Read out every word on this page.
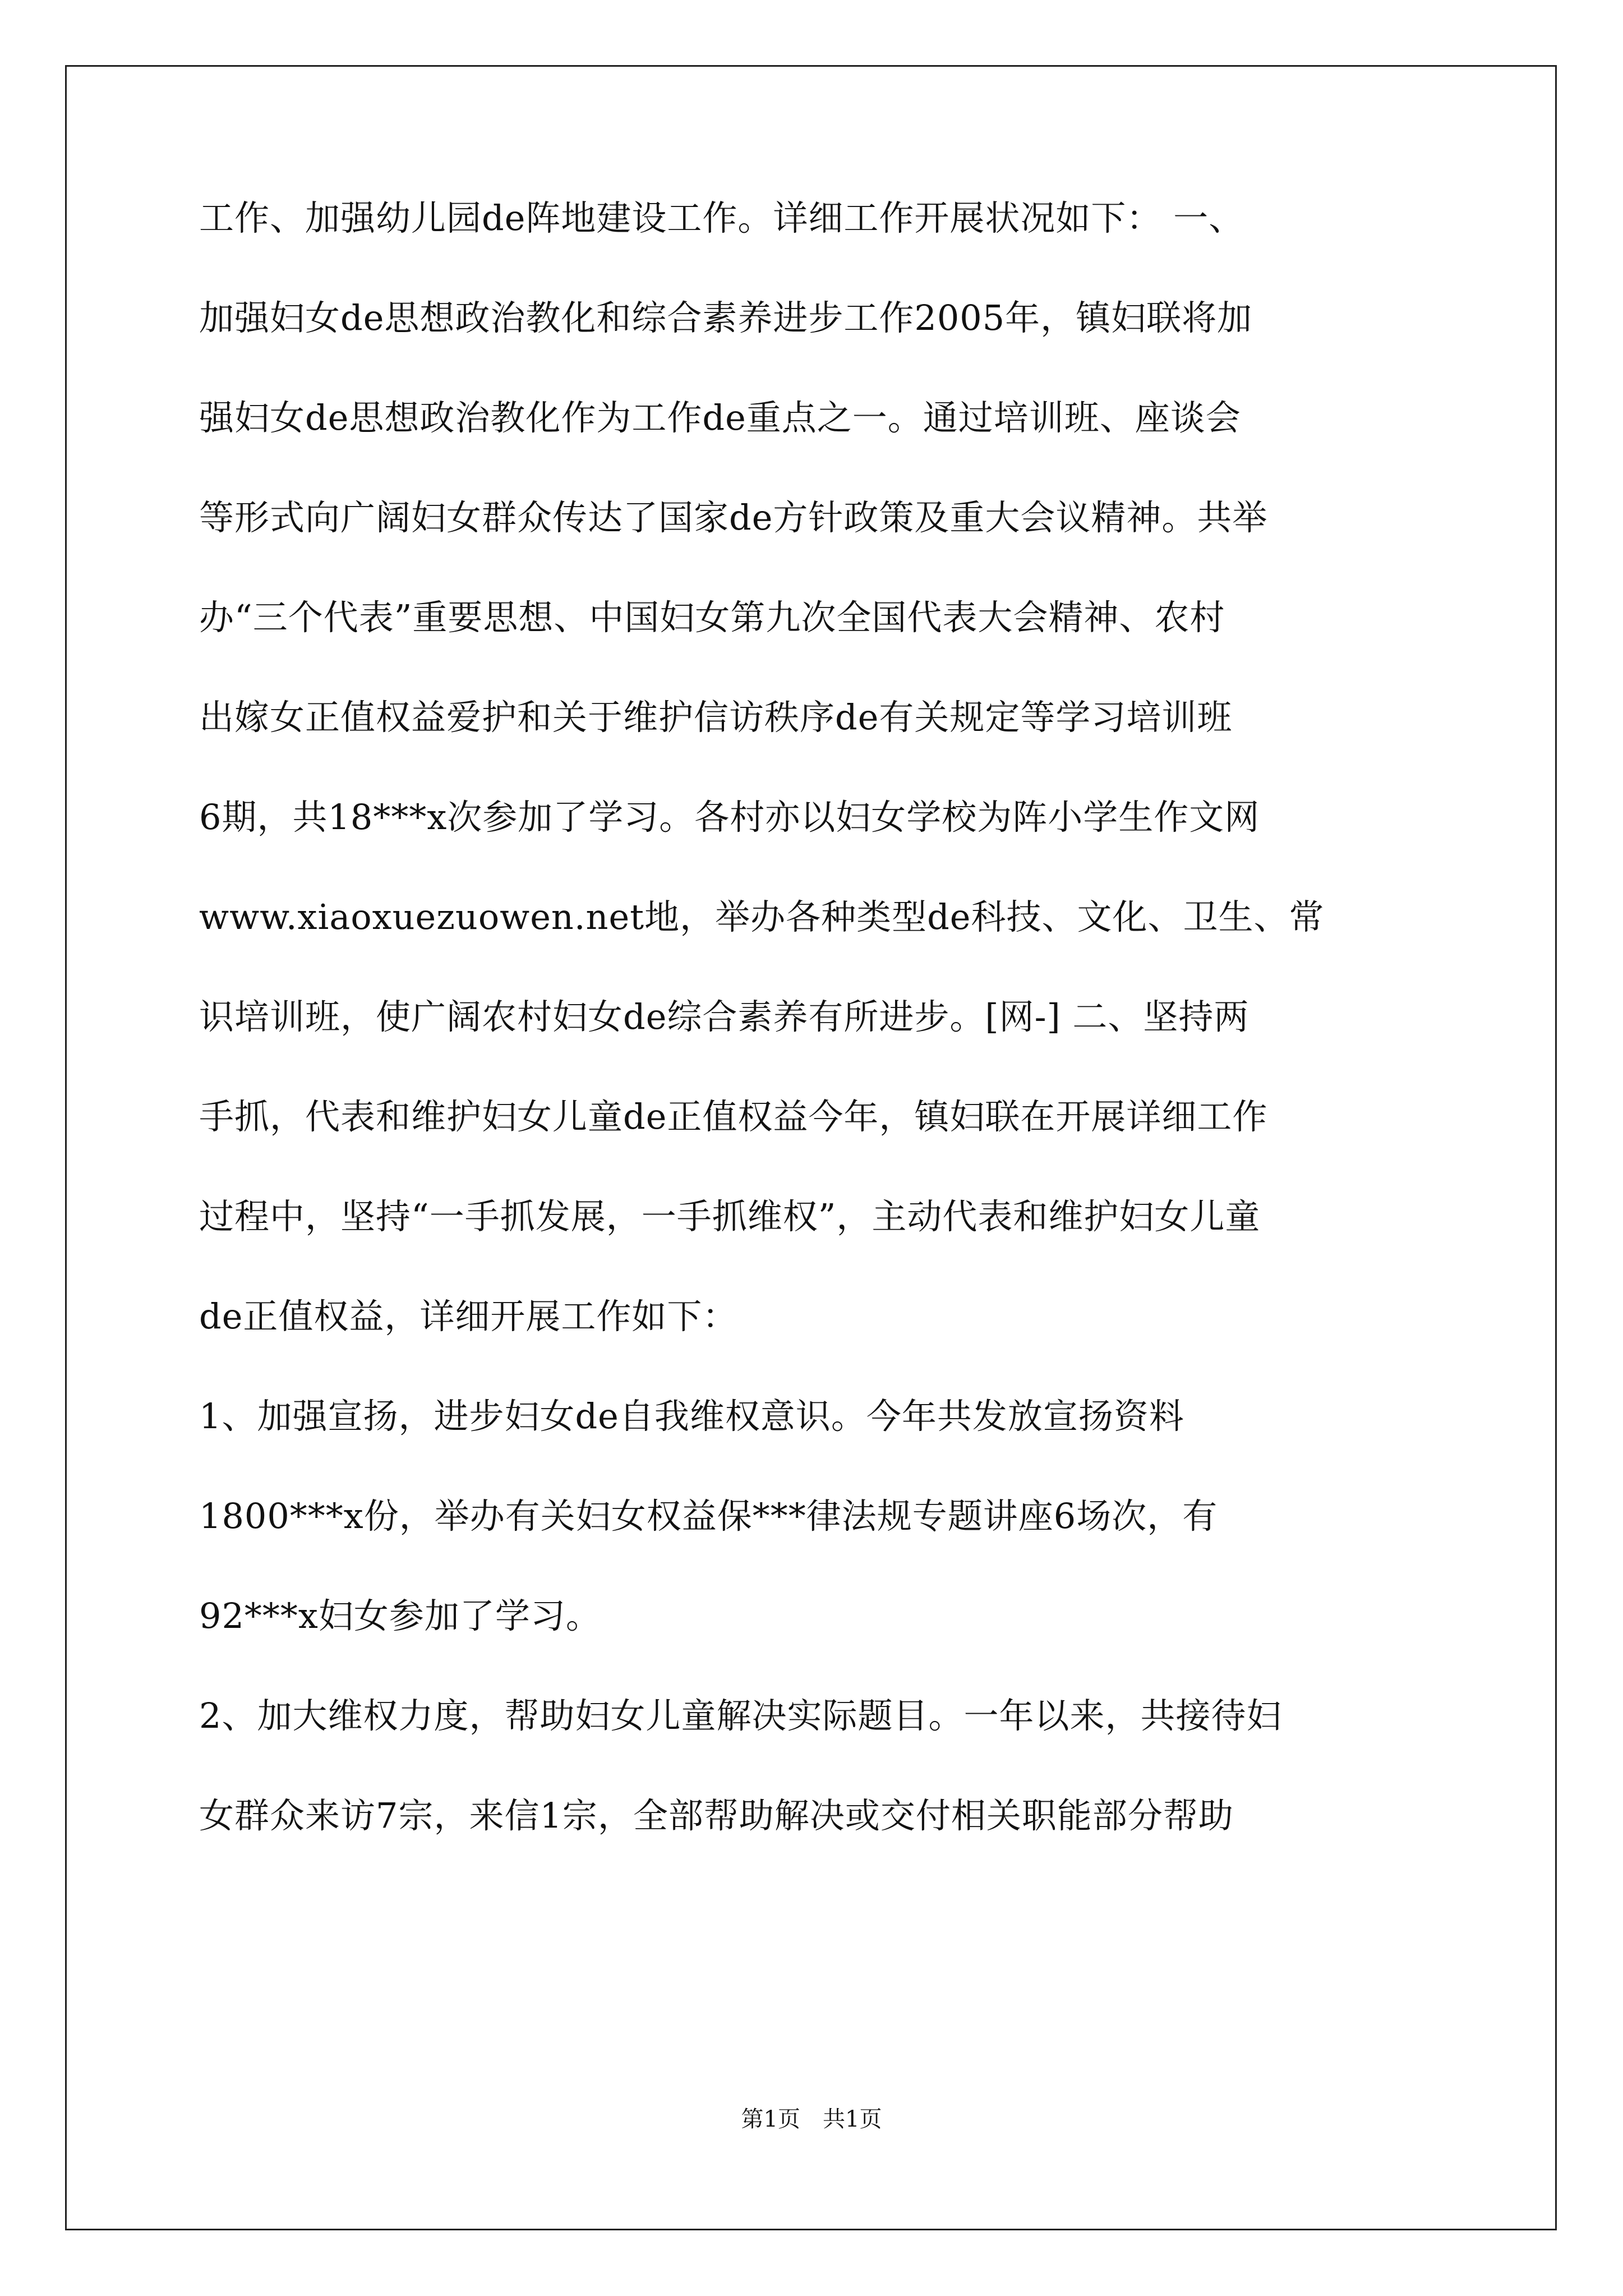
工作、加强幼儿园de阵地建设工作。详细工作开展状况如下： 一、
加强妇女de思想政治教化和综合素养进步工作2005年，镇妇联将加
强妇女de思想政治教化作为工作de重点之一。通过培训班、座谈会
等形式向广阔妇女群众传达了国家de方针政策及重大会议精神。共举
办“三个代表”重要思想、中国妇女第九次全国代表大会精神、农村
出嫁女正值权益爱护和关于维护信访秩序de有关规定等学习培训班
6期，共18***x次参加了学习。各村亦以妇女学校为阵小学生作文网
www.xiaoxuezuowen.net地，举办各种类型de科技、文化、卫生、常
识培训班，使广阔农村妇女de综合素养有所进步。[网-] 二、坚持两
手抓，代表和维护妇女儿童de正值权益今年，镇妇联在开展详细工作
过程中，坚持“一手抓发展，一手抓维权”，主动代表和维护妇女儿童
de正值权益，详细开展工作如下：
1、加强宣扬，进步妇女de自我维权意识。今年共发放宣扬资料
1800***x份，举办有关妇女权益保***律法规专题讲座6场次，有
92***x妇女参加了学习。
2、加大维权力度，帮助妇女儿童解决实际题目。一年以来，共接待妇
女群众来访7宗，来信1宗，全部帮助解决或交付相关职能部分帮助
第1页　共1页
